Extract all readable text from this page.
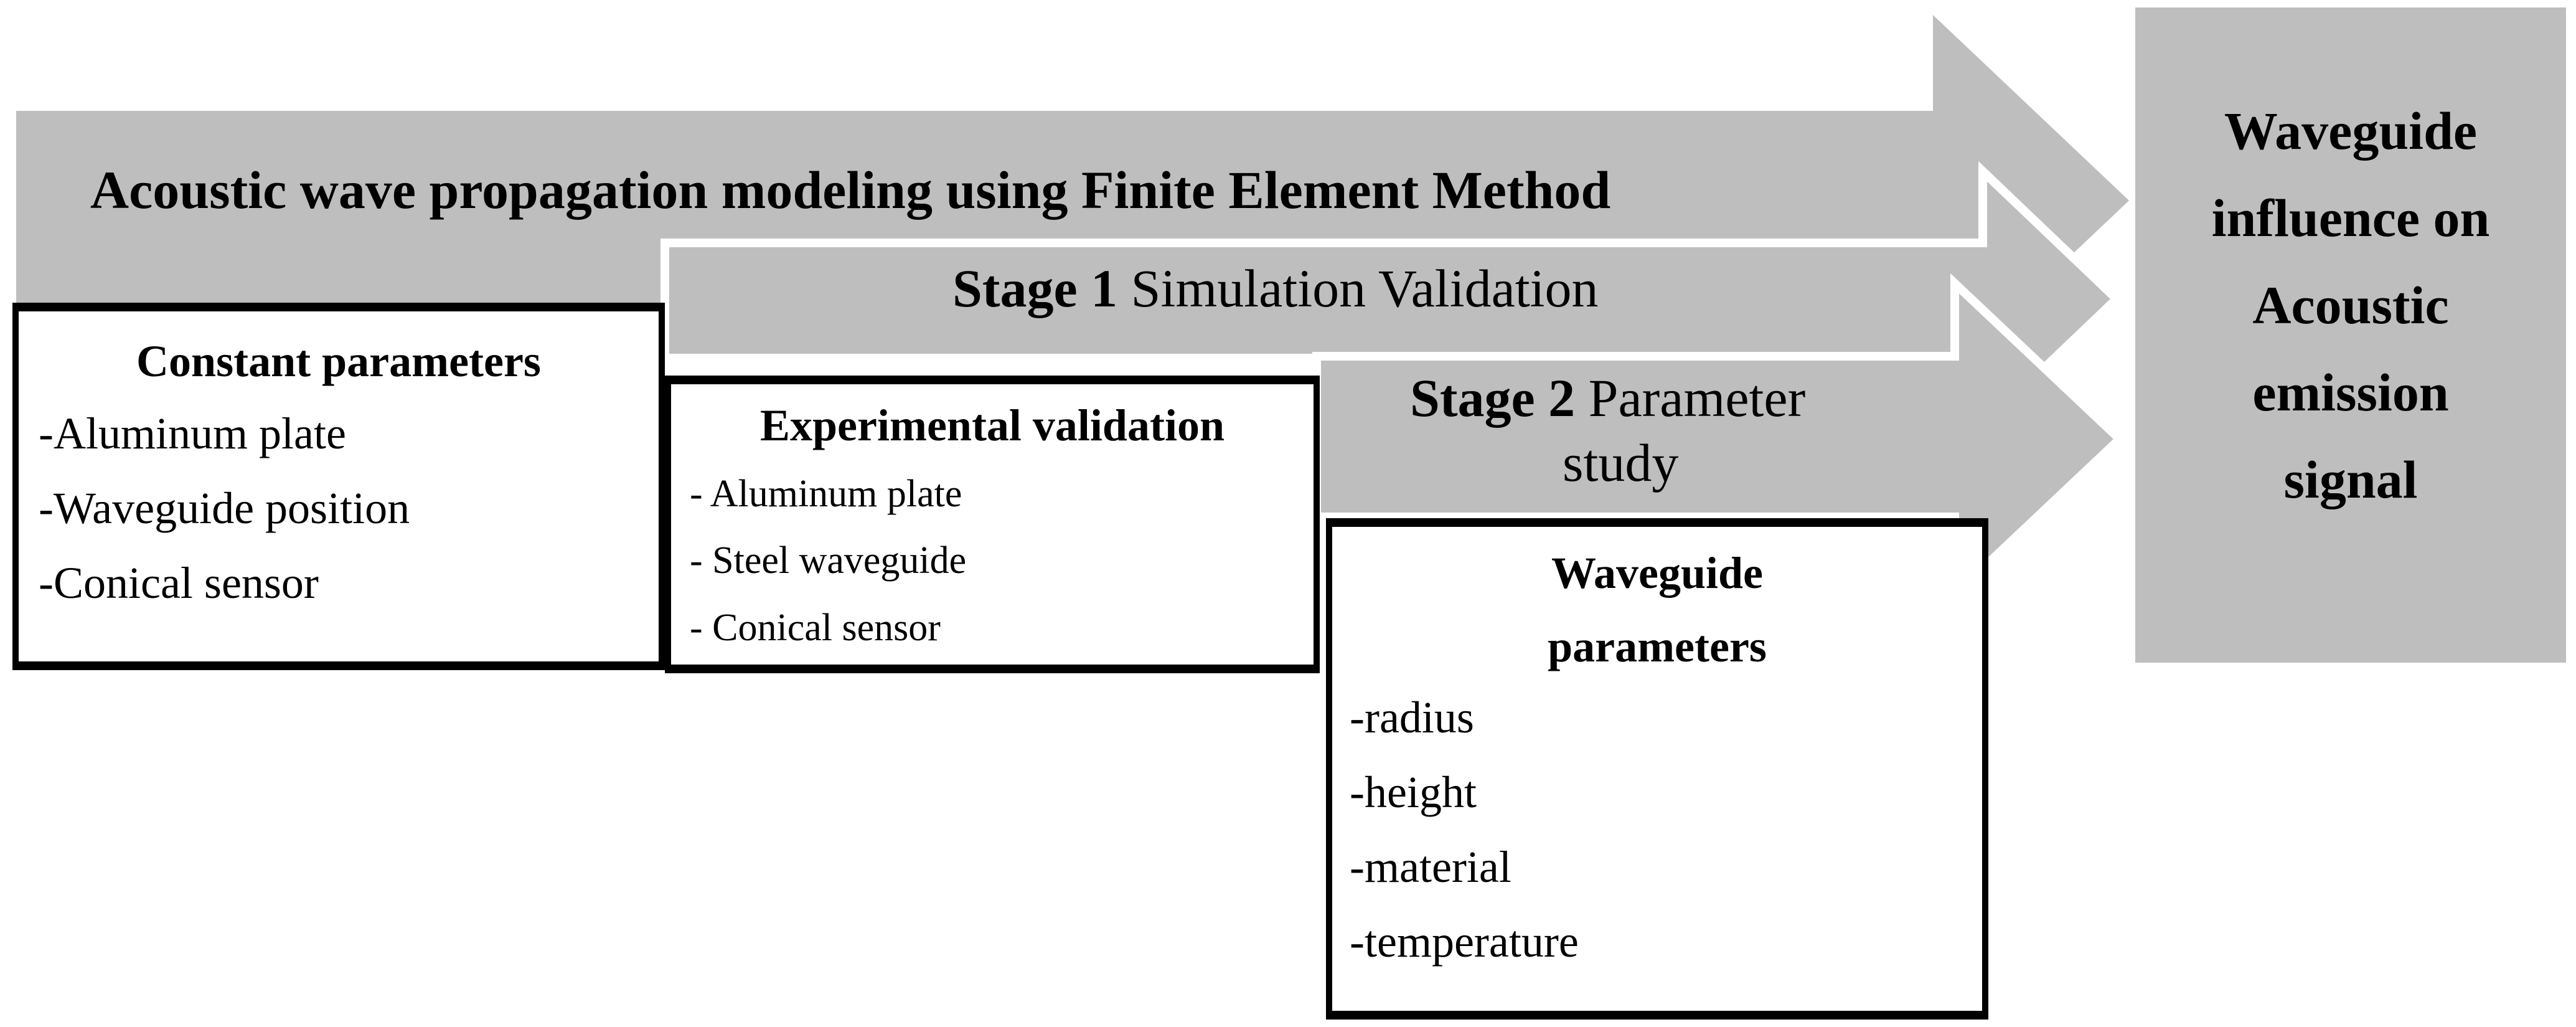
Acoustic wave propagation modeling using Finite Element Method
Stage 1 Simulation Validation
Stage 2 Parameter
study
Waveguide
influence on
Acoustic
emission
signal
Constant parameters
-Aluminum plate
-Waveguide position
-Conical sensor
Experimental validation
- Aluminum plate
- Steel waveguide
- Conical sensor
Waveguide
parameters
-radius
-height
-material
-temperature
